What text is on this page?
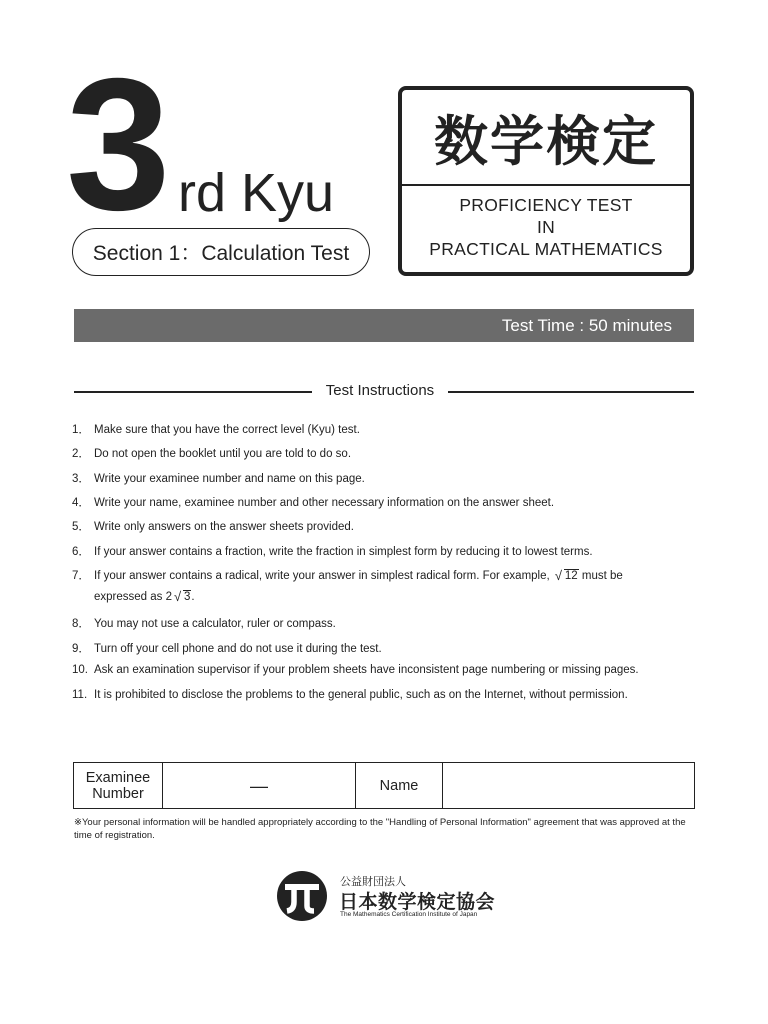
3 rd Kyu
Section 1：Calculation Test
数学検定
PROFICIENCY TEST
IN
PRACTICAL MATHEMATICS
Test Time : 50 minutes
Test Instructions
1． Make sure that you have the correct level (Kyu) test.
2． Do not open the booklet until you are told to do so.
3． Write your examinee number and name on this page.
4． Write your name, examinee number and other necessary information on the answer sheet.
5． Write only answers on the answer sheets provided.
6． If your answer contains a fraction, write the fraction in simplest form by reducing it to lowest terms.
7． If your answer contains a radical, write your answer in simplest radical form. For example, √ 12 must be
expressed as 2 √ 3.
8． You may not use a calculator, ruler or compass.
9． Turn off your cell phone and do not use it during the test.
10. Ask an examination supervisor if your problem sheets have inconsistent page numbering or missing pages.
11. It is prohibited to disclose the problems to the general public, such as on the Internet, without permission.
Examinee Number	—	Name
※Your personal information will be handled appropriately according to the "Handling of Personal Information" agreement that was approved at the time of registration.
公益財団法人
日本数学検定協会
The Mathematics Certification Institute of Japan
